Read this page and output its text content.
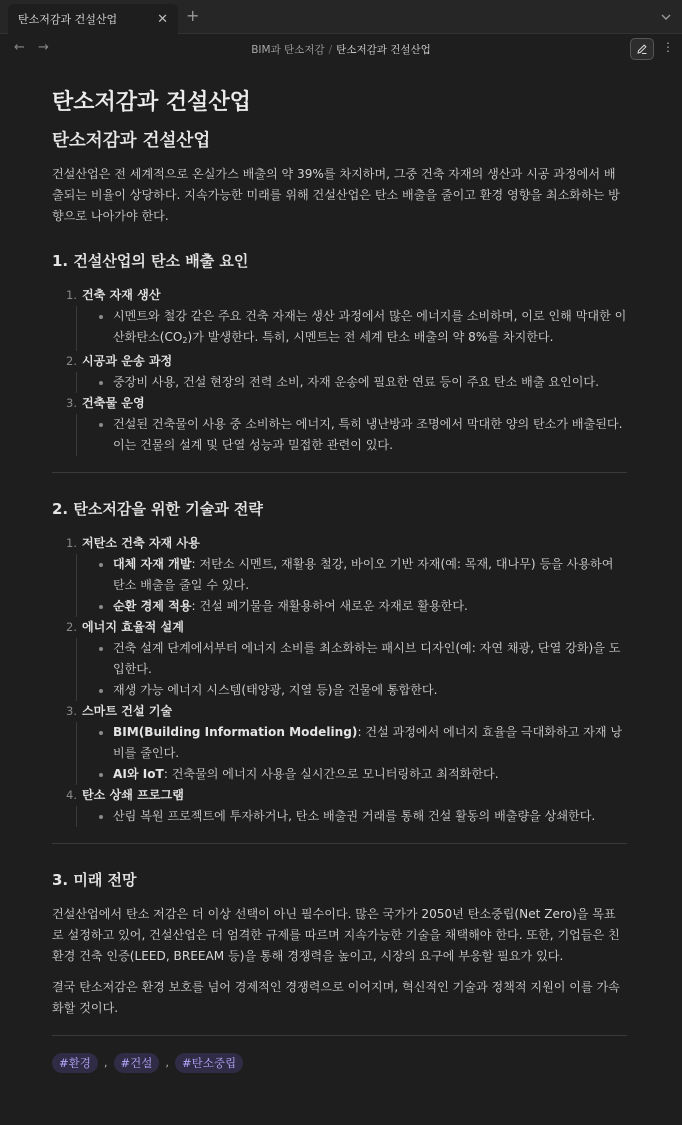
탄소저감과 건설산업	✕ +
← →	BIM과 탄소저감 / 탄소저감과 건설산업	⋮
탄소저감과 건설산업
탄소저감과 건설산업

건설산업은 전 세계적으로 온실가스 배출의 약 39%를 차지하며, 그중 건축 자재의 생산과 시공 과정에서 배출되는 비율이 상당하다. 지속가능한 미래를 위해 건설산업은 탄소 배출을 줄이고 환경 영향을 최소화하는 방향으로 나아가야 한다.

1. 건설산업의 탄소 배출 요인
1. 건축 자재 생산
시멘트와 철강 같은 주요 건축 자재는 생산 과정에서 많은 에너지를 소비하며, 이로 인해 막대한 이산화탄소$(CO_2)$가 발생한다. 특히, 시멘트는 전 세계 탄소 배출의 약 8%를 차지한다.
2. 시공과 운송 과정
중장비 사용, 건설 현장의 전력 소비, 자재 운송에 필요한 연료 등이 주요 탄소 배출 요인이다.
3. 건축물 운영
건설된 건축물이 사용 중 소비하는 에너지, 특히 냉난방과 조명에서 막대한 양의 탄소가 배출된다. 이는 건물의 설계 및 단열 성능과 밀접한 관련이 있다.
2. 탄소저감을 위한 기술과 전략
1. 저탄소 건축 자재 사용
대체 자재 개발: 저탄소 시멘트, 재활용 철강, 바이오 기반 자재(예: 목재, 대나무) 등을 사용하여 탄소 배출을 줄일 수 있다.
순환 경제 적용: 건설 폐기물을 재활용하여 새로운 자재로 활용한다.
2. 에너지 효율적 설계
건축 설계 단계에서부터 에너지 소비를 최소화하는 패시브 디자인(예: 자연 채광, 단열 강화)을 도입한다.
재생 가능 에너지 시스템(태양광, 지열 등)을 건물에 통합한다.
3. 스마트 건설 기술
BIM(Building Information Modeling): 건설 과정에서 에너지 효율을 극대화하고 자재 낭비를 줄인다.
AI와 IoT: 건축물의 에너지 사용을 실시간으로 모니터링하고 최적화한다.
4. 탄소 상쇄 프로그램
산림 복원 프로젝트에 투자하거나, 탄소 배출권 거래를 통해 건설 활동의 배출량을 상쇄한다.
3. 미래 전망

건설산업에서 탄소 저감은 더 이상 선택이 아닌 필수이다. 많은 국가가 2050년 탄소중립(Net Zero)을 목표로 설정하고 있어, 건설산업은 더 엄격한 규제를 따르며 지속가능한 기술을 채택해야 한다. 또한, 기업들은 친환경 건축 인증(LEED, BREEAM 등)을 통해 경쟁력을 높이고, 시장의 요구에 부응할 필요가 있다.

결국 탄소저감은 환경 보호를 넘어 경제적인 경쟁력으로 이어지며, 혁신적인 기술과 정책적 지원이 이를 가속화할 것이다.

#환경	,	#건설	,	#탄소중립
